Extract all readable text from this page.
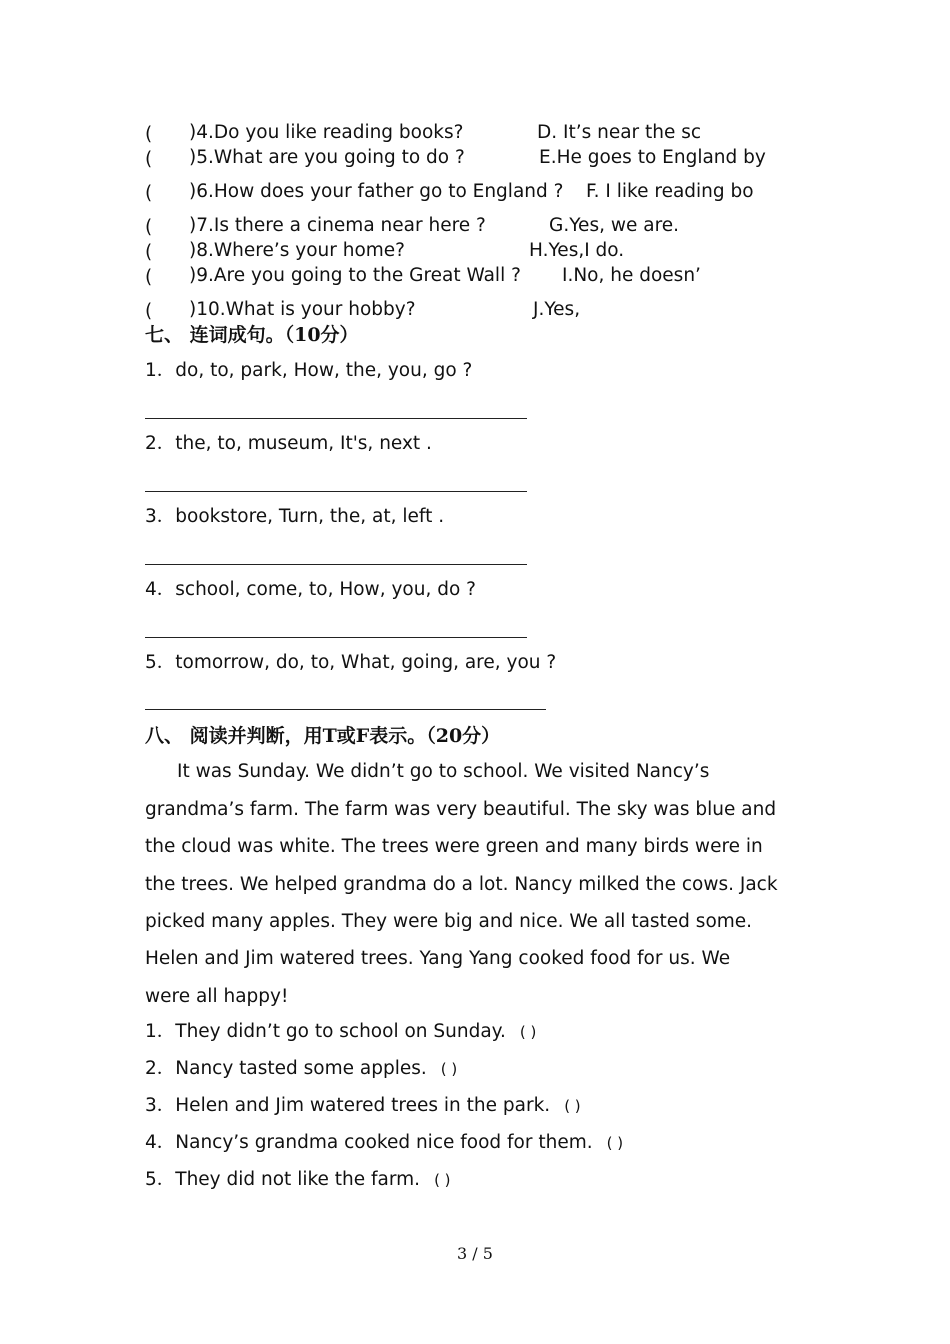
( )4.Do you like reading books?	D. It’s near the sc
( )5.What are you going to do ?	E.He goes to England by
( )6.How does your father go to England ? F. I like reading bo
( )7.Is there a cinema near here ?	G.Yes, we are.
( )8.Where’s your home?	H.Yes,I do.
( )9.Are you going to the Great Wall ? I.No, he doesn’
( )10.What is your hobby?	J.Yes,
七、 连词成句。（10分）
1．do, to, park, How, the, you, go ?
2．the, to, museum, It's, next .
3．bookstore, Turn, the, at, left .
4．school, come, to, How, you, do ?
5．tomorrow, do, to, What, going, are, you ?
八、 阅读并判断，用T或F表示。（20分）
It was Sunday. We didn’t go to school. We visited Nancy’s
grandma’s farm. The farm was very beautiful. The sky was blue and
the cloud was white. The trees were green and many birds were in
the trees. We helped grandma do a lot. Nancy milked the cows. Jack
picked many apples. They were big and nice. We all tasted some.
Helen and Jim watered trees. Yang Yang cooked food for us. We
were all happy!
1．They didn’t go to school on Sunday. ( )
2．Nancy tasted some apples. ( )
3．Helen and Jim watered trees in the park. ( )
4．Nancy’s grandma cooked nice food for them. ( )
5．They did not like the farm. ( )
3 / 5
